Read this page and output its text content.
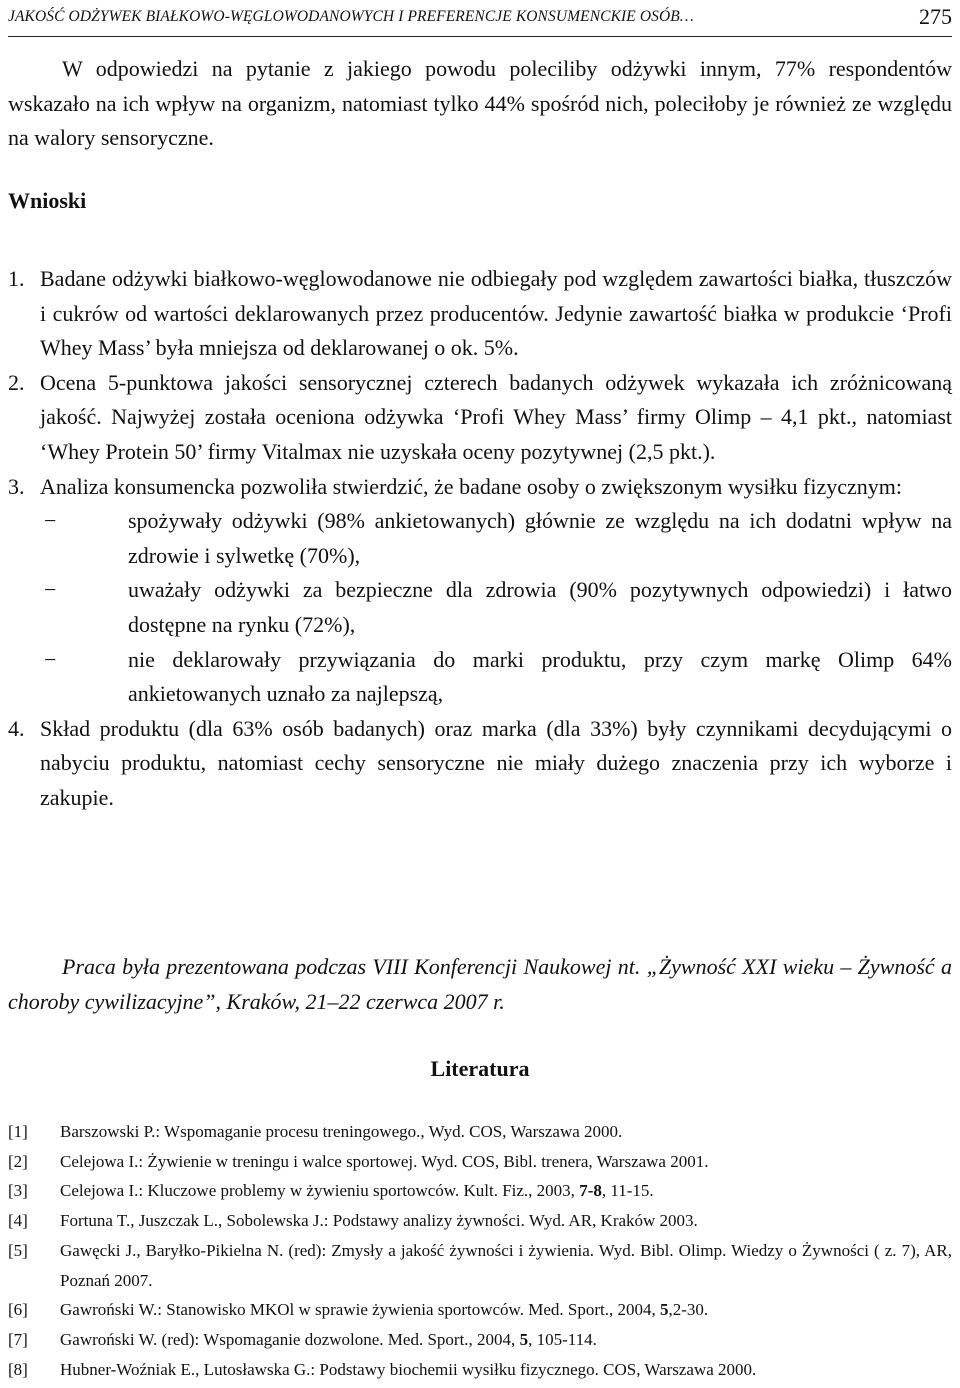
JAKOŚĆ ODŻYWEK BIAŁKOWO-WĘGLOWODANOWYCH I PREFERENCJE KONSUMENCKIE OSÓB…	275

W odpowiedzi na pytanie z jakiego powodu poleciliby odżywki innym, 77% respondentów wskazało na ich wpływ na organizm, natomiast tylko 44% spośród nich, poleciłoby je również ze względu na walory sensoryczne.

Wnioski
1. Badane odżywki białkowo-węglowodanowe nie odbiegały pod względem zawartości białka, tłuszczów i cukrów od wartości deklarowanych przez producentów. Jedynie zawartość białka w produkcie ‘Profi Whey Mass’ była mniejsza od deklarowanej o ok. 5%.
2. Ocena 5-punktowa jakości sensorycznej czterech badanych odżywek wykazała ich zróżnicowaną jakość. Najwyżej została oceniona odżywka ‘Profi Whey Mass’ firmy Olimp – 4,1 pkt., natomiast ‘Whey Protein 50’ firmy Vitalmax nie uzyskała oceny pozytywnej (2,5 pkt.).
3. Analiza konsumencka pozwoliła stwierdzić, że badane osoby o zwiększonym wysiłku fizycznym:
−	spożywały odżywki (98% ankietowanych) głównie ze względu na ich dodatni wpływ na zdrowie i sylwetkę (70%),
−	uważały odżywki za bezpieczne dla zdrowia (90% pozytywnych odpowiedzi) i łatwo dostępne na rynku (72%),
−	nie deklarowały przywiązania do marki produktu, przy czym markę Olimp 64% ankietowanych uznało za najlepszą,
4. Skład produktu (dla 63% osób badanych) oraz marka (dla 33%) były czynnikami decydującymi o nabyciu produktu, natomiast cechy sensoryczne nie miały dużego znaczenia przy ich wyborze i zakupie.

Praca była prezentowana podczas VIII Konferencji Naukowej nt. „Żywność XXI wieku – Żywność a choroby cywilizacyjne”, Kraków, 21–22 czerwca 2007 r.

Literatura
[1] Barszowski P.: Wspomaganie procesu treningowego., Wyd. COS, Warszawa 2000.
[2] Celejowa I.: Żywienie w treningu i walce sportowej. Wyd. COS, Bibl. trenera, Warszawa 2001.
[3] Celejowa I.: Kluczowe problemy w żywieniu sportowców. Kult. Fiz., 2003, 7-8, 11-15.
[4] Fortuna T., Juszczak L., Sobolewska J.: Podstawy analizy żywności. Wyd. AR, Kraków 2003.
[5] Gawęcki J., Baryłko-Pikielna N. (red): Zmysły a jakość żywności i żywienia. Wyd. Bibl. Olimp. Wiedzy o Żywności ( z. 7), AR, Poznań 2007.
[6] Gawroński W.: Stanowisko MKOl w sprawie żywienia sportowców. Med. Sport., 2004, 5,2-30.
[7] Gawroński W. (red): Wspomaganie dozwolone. Med. Sport., 2004, 5, 105-114.
[8] Hubner-Woźniak E., Lutosławska G.: Podstawy biochemii wysiłku fizycznego. COS, Warszawa 2000.
